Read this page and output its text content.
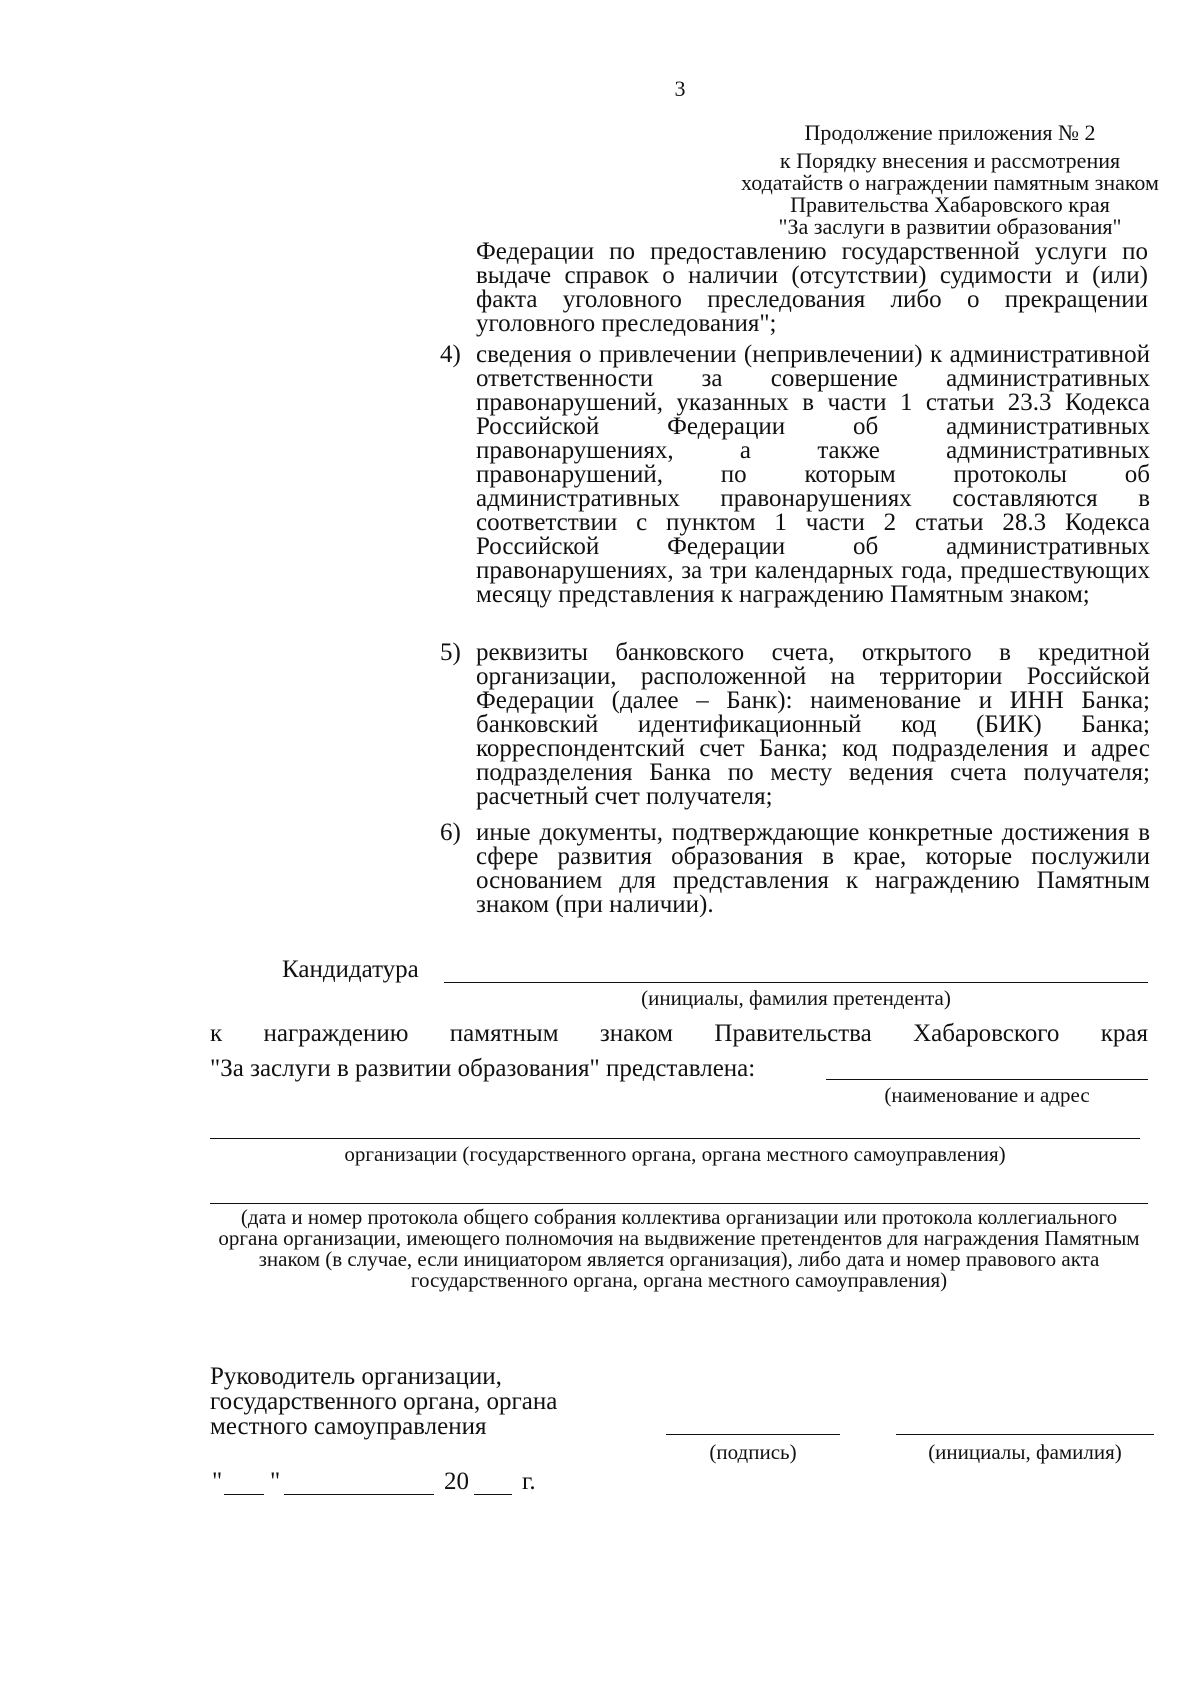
3
Продолжение приложения № 2
к Порядку внесения и рассмотрения
ходатайств о награждении памятным знаком
Правительства Хабаровского края
"За заслуги в развитии образования"
Федерации по предоставлению государственной услуги по выдаче справок о наличии (отсутствии) судимости и (или) факта уголовного преследования либо о прекращении уголовного преследования";
4) сведения о привлечении (непривлечении) к административной ответственности за совершение административных правонарушений, указанных в части 1 статьи 23.3 Кодекса Российской Федерации об административных правонарушениях, а также административных правонарушений, по которым протоколы об административных правонарушениях составляются в соответствии с пунктом 1 части 2 статьи 28.3 Кодекса Российской Федерации об административных правонарушениях, за три календарных года, предшествующих месяцу представления к награждению Памятным знаком;
5) реквизиты банковского счета, открытого в кредитной организации, расположенной на территории Российской Федерации (далее – Банк): наименование и ИНН Банка; банковский идентификационный код (БИК) Банка; корреспондентский счет Банка; код подразделения и адрес подразделения Банка по месту ведения счета получателя; расчетный счет получателя;
6) иные документы, подтверждающие конкретные достижения в сфере развития образования в крае, которые послужили основанием для представления к награждению Памятным знаком (при наличии).
Кандидатура
(инициалы, фамилия претендента)
к награждению памятным знаком Правительства Хабаровского края
"За заслуги в развитии образования" представлена:
(наименование и адрес
организации (государственного органа, органа местного самоуправления)
(дата и номер протокола общего собрания коллектива организации или протокола коллегиального органа организации, имеющего полномочия на выдвижение претендентов для награждения Памятным знаком (в случае, если инициатором является организация), либо дата и номер правового акта государственного органа, органа местного самоуправления)
Руководитель организации,
государственного органа, органа
местного самоуправления
(подпись)	(инициалы, фамилия)
" "	20 г.
